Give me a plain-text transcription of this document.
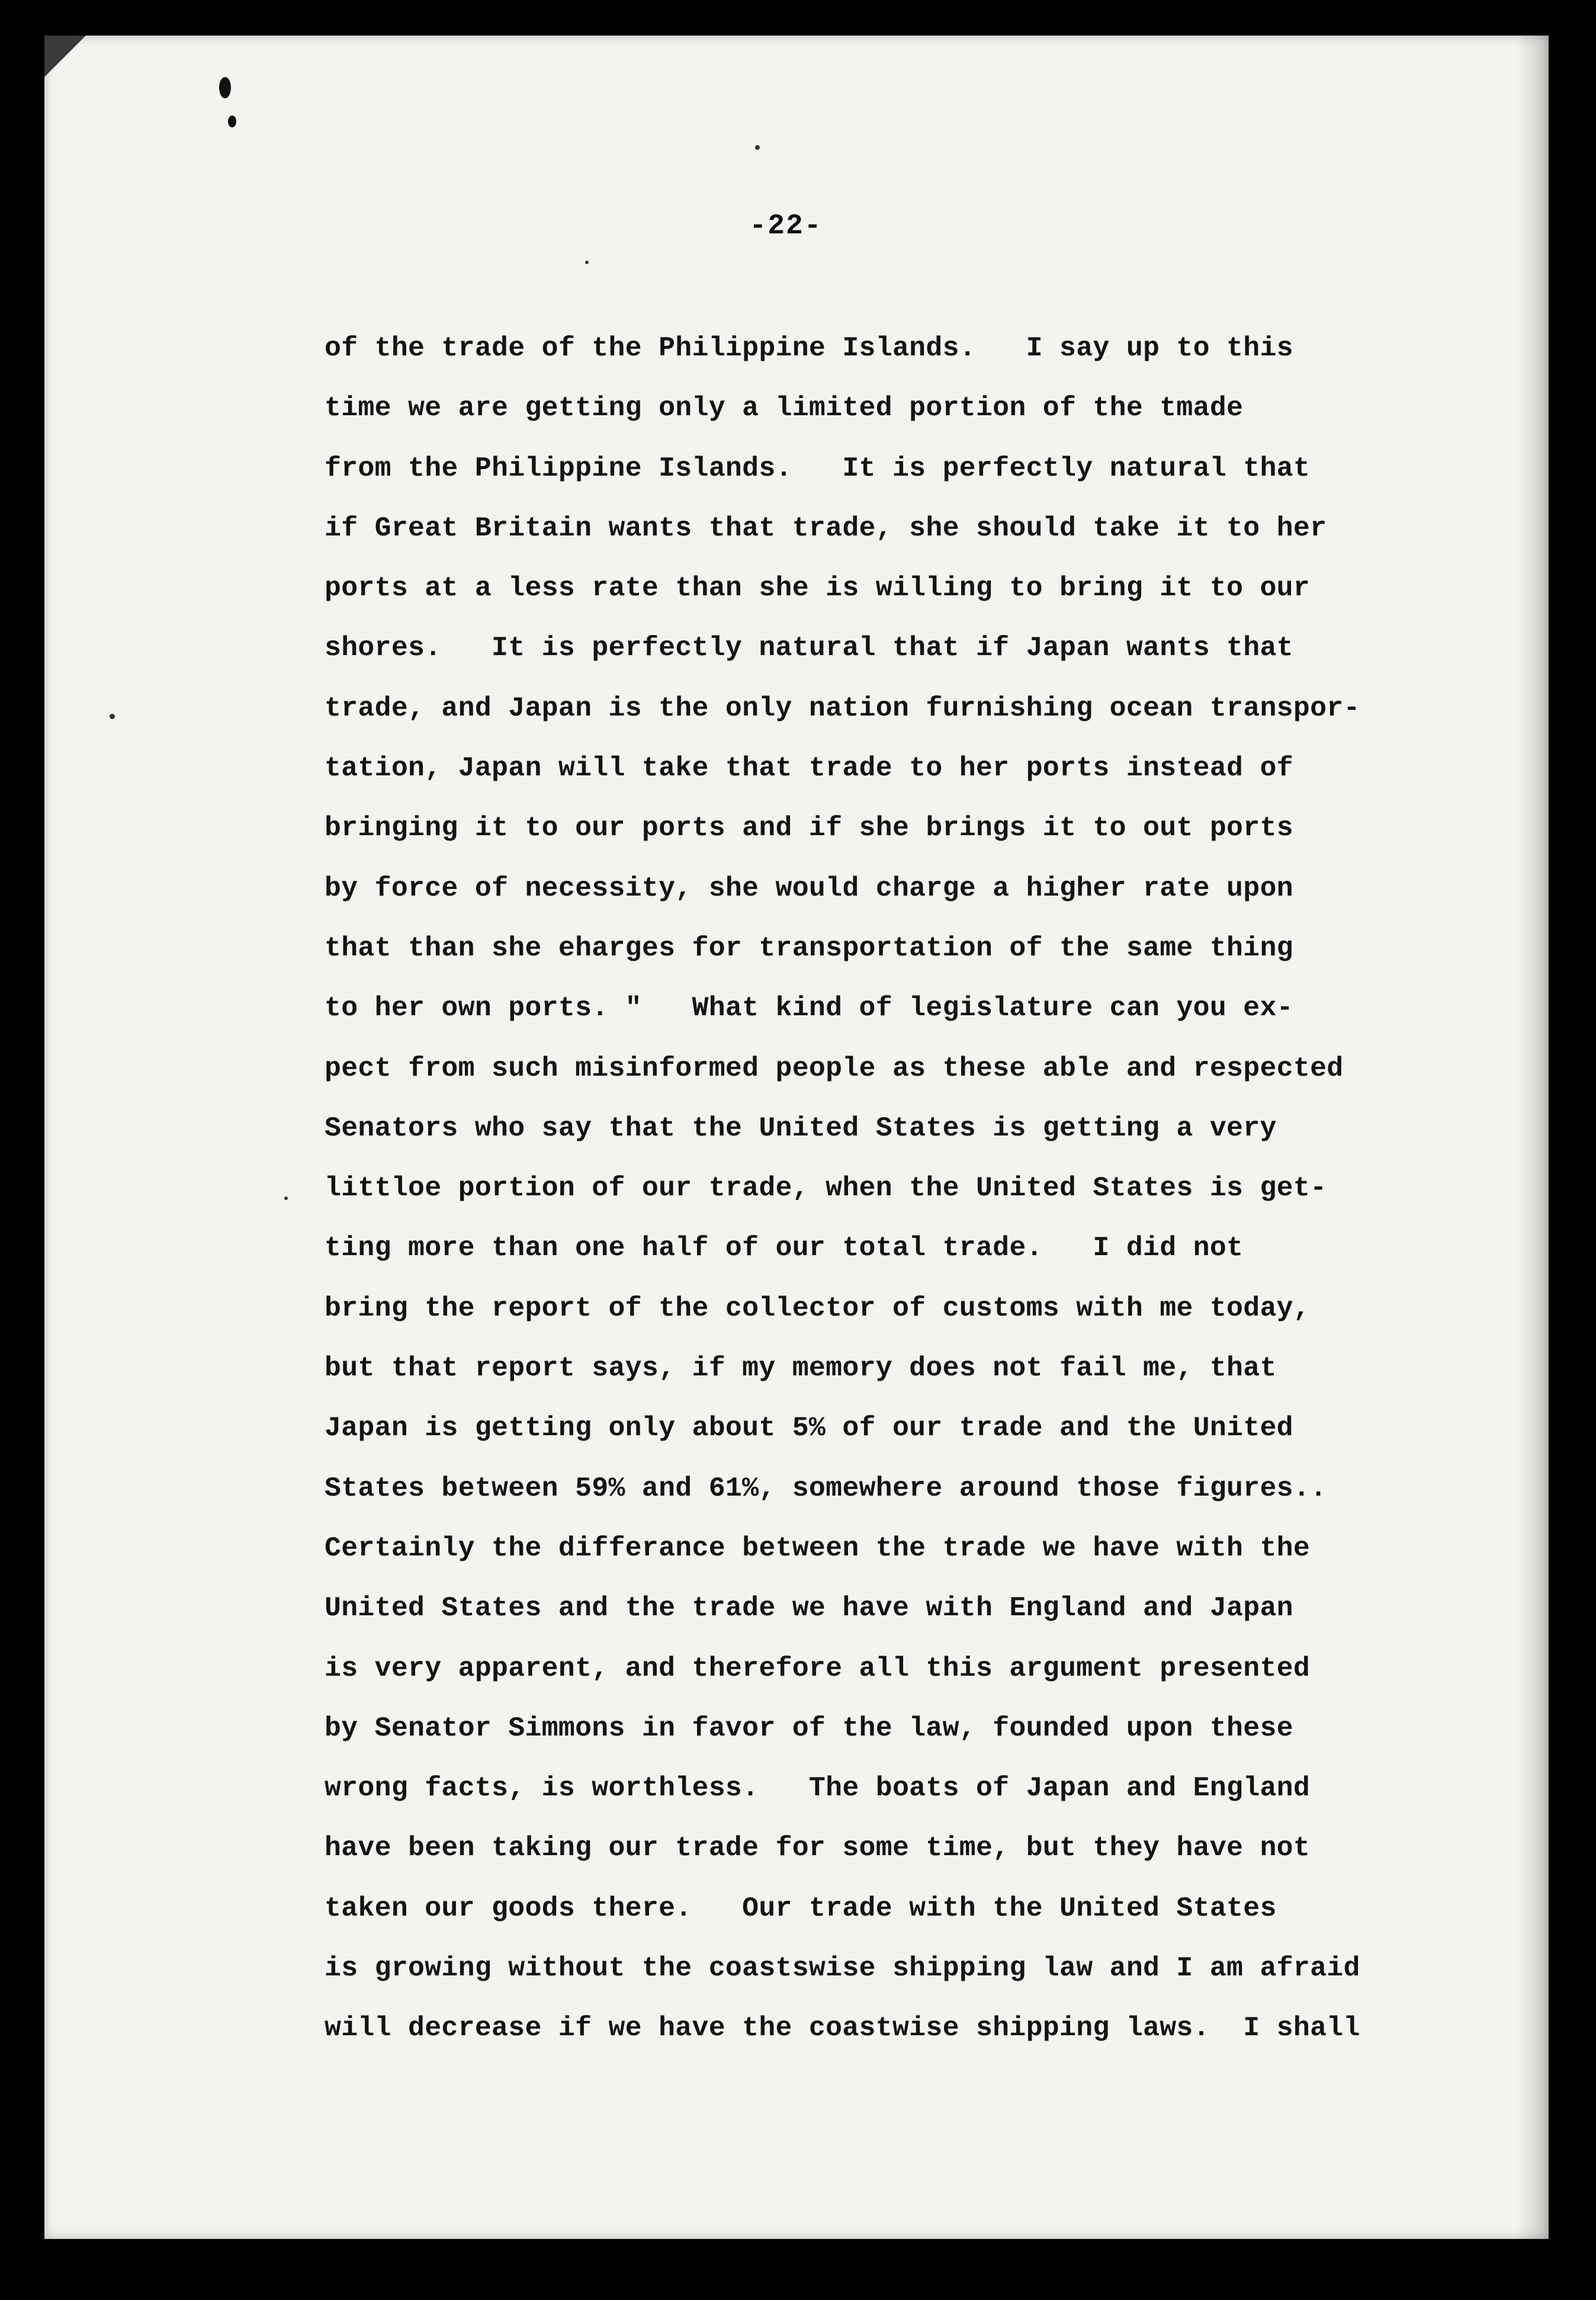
-22-
of the trade of the Philippine Islands.   I say up to this
time we are getting only a limited portion of the tmade
from the Philippine Islands.   It is perfectly natural that
if Great Britain wants that trade, she should take it to her
ports at a less rate than she is willing to bring it to our
shores.   It is perfectly natural that if Japan wants that
trade, and Japan is the only nation furnishing ocean transpor-
tation, Japan will take that trade to her ports instead of
bringing it to our ports and if she brings it to out ports
by force of necessity, she would charge a higher rate upon
that than she eharges for transportation of the same thing
to her own ports. "   What kind of legislature can you ex-
pect from such misinformed people as these able and respected
Senators who say that the United States is getting a very
littloe portion of our trade, when the United States is get-
ting more than one half of our total trade.   I did not
bring the report of the collector of customs with me today,
but that report says, if my memory does not fail me, that
Japan is getting only about 5% of our trade and the United
States between 59% and 61%, somewhere around those figures..
Certainly the differance between the trade we have with the
United States and the trade we have with England and Japan
is very apparent, and therefore all this argument presented
by Senator Simmons in favor of the law, founded upon these
wrong facts, is worthless.   The boats of Japan and England
have been taking our trade for some time, but they have not
taken our goods there.   Our trade with the United States
is growing without the coastswise shipping law and I am afraid
will decrease if we have the coastwise shipping laws.  I shall
